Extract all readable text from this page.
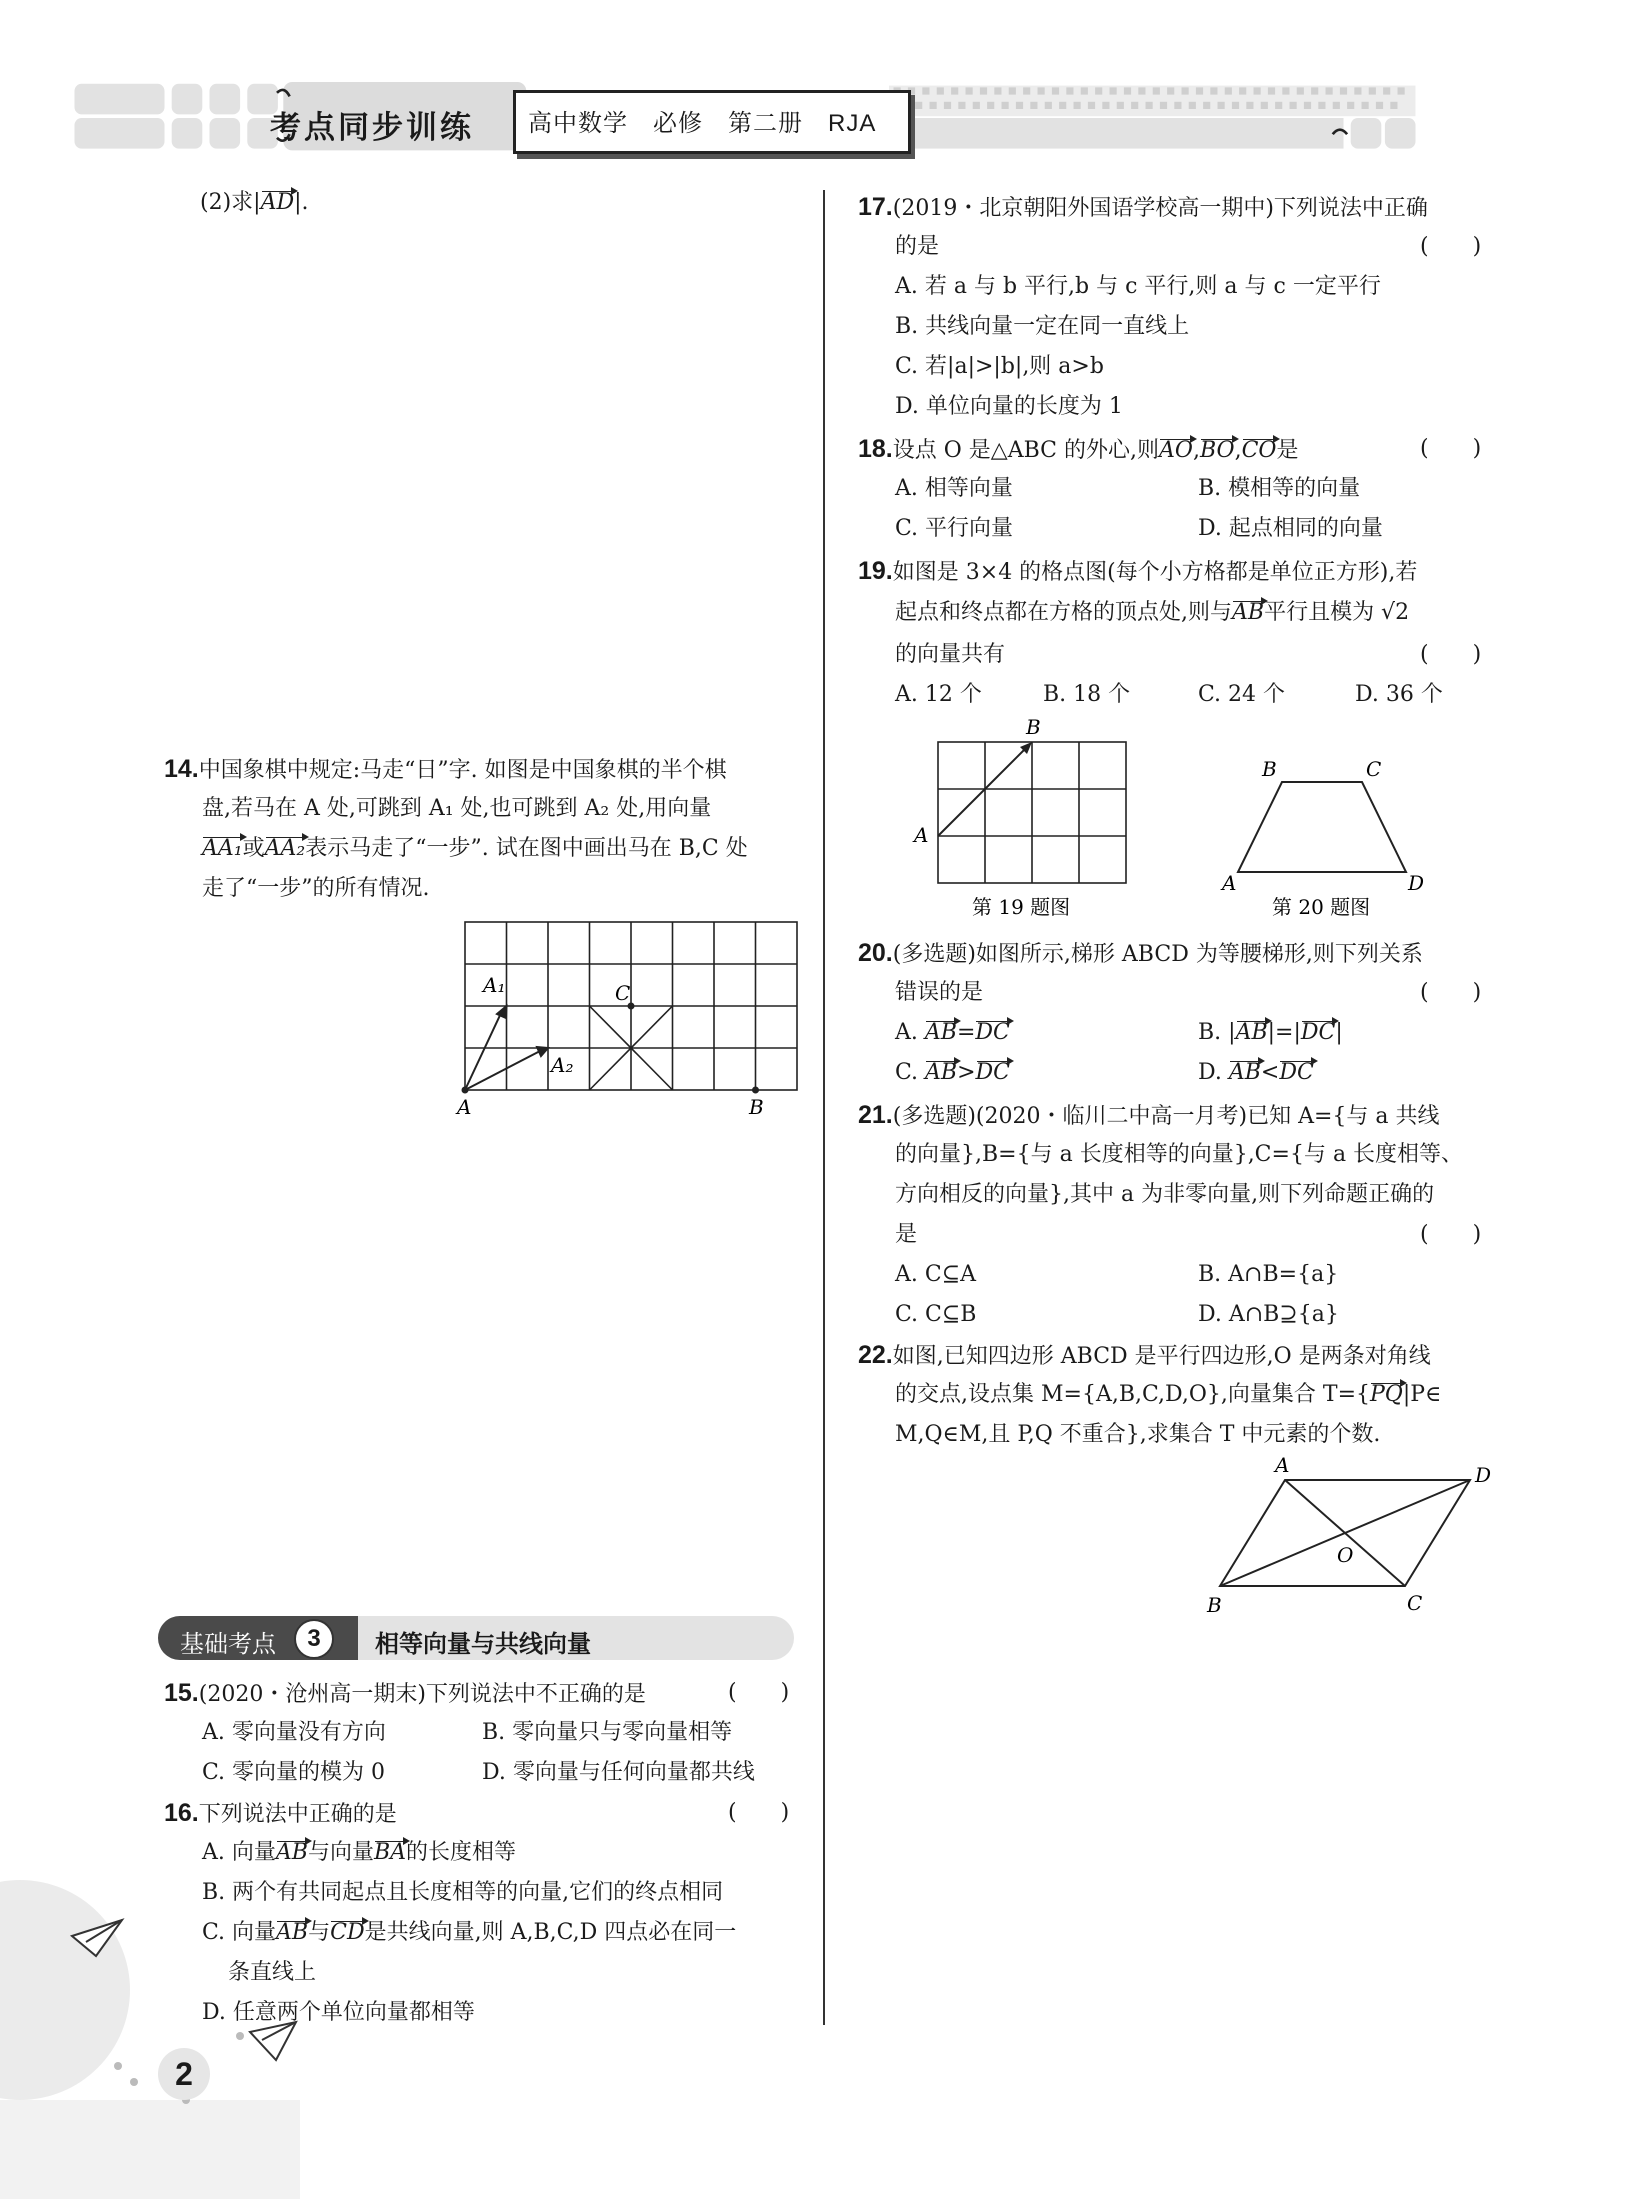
考点同步训练 高中数学　必修　第二册　RJA
(2)求|AD|.
14.中国象棋中规定:马走“日”字. 如图是中国象棋的半个棋
盘,若马在 A 处,可跳到 A₁ 处,也可跳到 A₂ 处,用向量
AA₁或AA₂表示马走了“一步”. 试在图中画出马在 B,C 处
走了“一步”的所有情况.
A
A₁
A₂
B
C
基础考点	3	相等向量与共线向量
15.(2020・沧州高一期末)下列说法中不正确的是	(　　)
A. 零向量没有方向	B. 零向量只与零向量相等
C. 零向量的模为 0	D. 零向量与任何向量都共线
16.下列说法中正确的是	(　　)
A. 向量AB与向量BA的长度相等
B. 两个有共同起点且长度相等的向量,它们的终点相同
C. 向量AB与CD是共线向量,则 A,B,C,D 四点必在同一
条直线上
D. 任意两个单位向量都相等
2
17.(2019・北京朝阳外国语学校高一期中)下列说法中正确
的是	(　　)
A. 若 a 与 b 平行,b 与 c 平行,则 a 与 c 一定平行
B. 共线向量一定在同一直线上
C. 若|a|>|b|,则 a>b
D. 单位向量的长度为 1
18.设点 O 是△ABC 的外心,则AO,BO,CO是	(　　)
A. 相等向量	B. 模相等的向量
C. 平行向量	D. 起点相同的向量
19.如图是 3×4 的格点图(每个小方格都是单位正方形),若
起点和终点都在方格的顶点处,则与AB平行且模为 √2
的向量共有	(　　)
A. 12 个	B. 18 个	C. 24 个	D. 36 个
A
B
第 19 题图
A
B	C
D
第 20 题图
20.(多选题)如图所示,梯形 ABCD 为等腰梯形,则下列关系
错误的是	(　　)
A. AB=DC	B. |AB|=|DC|
C. AB>DC	D. AB<DC
21.(多选题)(2020・临川二中高一月考)已知 A={与 a 共线
的向量},B={与 a 长度相等的向量},C={与 a 长度相等、
方向相反的向量},其中 a 为非零向量,则下列命题正确的
是	(　　)
A. C⊆A	B. A∩B={a}
C. C⊆B	D. A∩B⊇{a}
22.如图,已知四边形 ABCD 是平行四边形,O 是两条对角线
的交点,设点集 M={A,B,C,D,O},向量集合 T={PQ|P∈
M,Q∈M,且 P,Q 不重合},求集合 T 中元素的个数.
A	D
B	C
O
